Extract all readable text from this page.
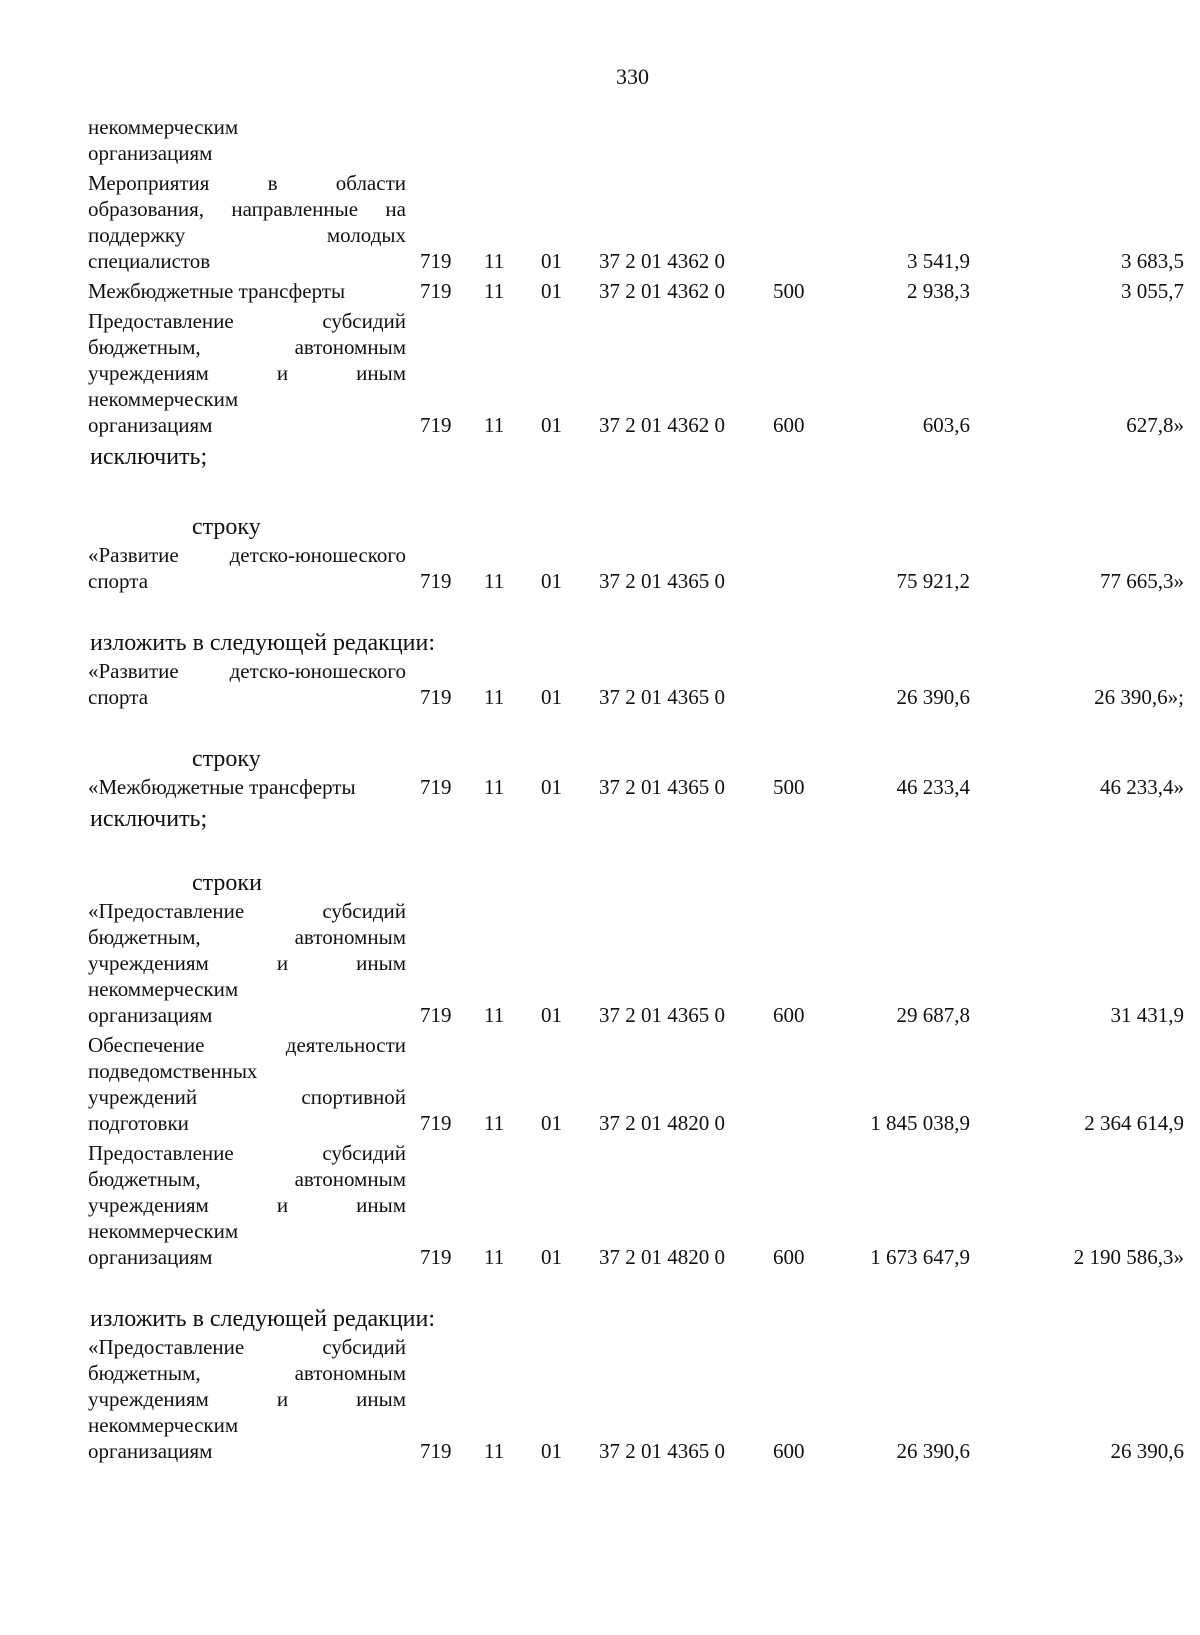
330
некоммерческим
организациям
Мероприятия в области
образования, направленные на
поддержку молодых
специалистов	719 11 01 37 2 01 4362 0	3 541,9	3 683,5
Межбюджетные трансферты	719 11 01 37 2 01 4362 0 500	2 938,3	3 055,7
Предоставление субсидий
бюджетным, автономным
учреждениям и иным
некоммерческим
организациям	719 11 01 37 2 01 4362 0 600	603,6	627,8»
исключить;
строку
«Развитие детско-юношеского
спорта	719 11 01 37 2 01 4365 0	75 921,2	77 665,3»
изложить в следующей редакции:
«Развитие детско-юношеского
спорта	719 11 01 37 2 01 4365 0	26 390,6	26 390,6»;
строку
«Межбюджетные трансферты	719 11 01 37 2 01 4365 0 500	46 233,4	46 233,4»
исключить;
строки
«Предоставление субсидий
бюджетным, автономным
учреждениям и иным
некоммерческим
организациям	719 11 01 37 2 01 4365 0 600	29 687,8	31 431,9
Обеспечение деятельности
подведомственных
учреждений спортивной
подготовки	719 11 01 37 2 01 4820 0	1 845 038,9	2 364 614,9
Предоставление субсидий
бюджетным, автономным
учреждениям и иным
некоммерческим
организациям	719 11 01 37 2 01 4820 0 600	1 673 647,9	2 190 586,3»
изложить в следующей редакции:
«Предоставление субсидий
бюджетным, автономным
учреждениям и иным
некоммерческим
организациям	719 11 01 37 2 01 4365 0 600	26 390,6	26 390,6
